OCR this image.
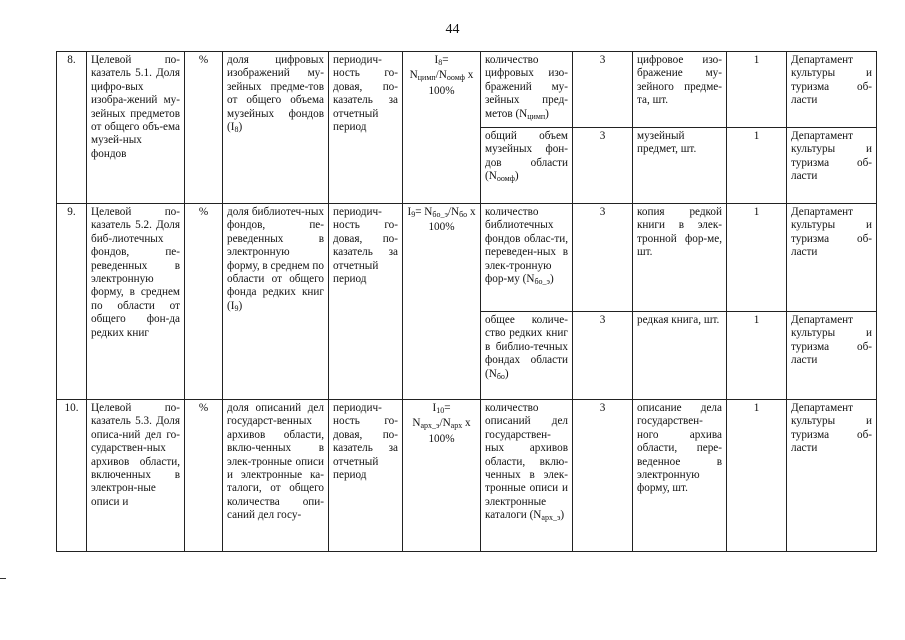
44
8.	Целевой по-казатель 5.1. Доля цифро-вых изобра-жений му-зейных предметов от общего объ-ема музей-ных фондов	%	доля цифровых изображений му-зейных предме-тов от общего объема музейных фондов $(I_8)$	периодич-ность го-довая, по-казатель за отчетный период	$I_8= N_{цимп}/N_{оомф}$ x 100%	количество цифровых изо-бражений му-зейных пред-метов $(N_{цимп})$	3	цифровое изо-бражение му-зейного предме-та, шт.	1	Департамент культуры и туризма об-ласти
						общий объем музейных фон-дов области $(N_{оомф})$	3	музейный предмет, шт.	1	Департамент культуры и туризма об-ласти
9.	Целевой по-казатель 5.2. Доля биб-лиотечных фондов, пе-реведенных в электронную форму, в среднем по области от общего фон-да редких книг	%	доля библиотеч-ных фондов, пе-реведенных в электронную форму, в среднем по области от общего фонда редких книг $(I_9)$	периодич-ность го-довая, по-казатель за отчетный период	$I_9= N_{бо\_э}/N_{бо}$ x 100%	количество библиотечных фондов облас-ти, переведен-ных в элек-тронную фор-му $(N_{бо\_э})$	3	копия редкой книги в элек-тронной фор-ме, шт.	1	Департамент культуры и туризма об-ласти
						общее количе-ство редких книг в библио-течных фондах области $(N_{бо})$	3	редкая книга, шт.	1	Департамент культуры и туризма об-ласти
10.	Целевой по-казатель 5.3. Доля описа-ний дел го-сударствен-ных архивов области, включенных в электрон-ные описи и	%	доля описаний дел государст-венных архивов области, вклю-ченных в элек-тронные описи и электронные ка-талоги, от общего количества опи-саний дел госу-	периодич-ность го-довая, по-казатель за отчетный период	$I_{10}= N_{арх\_э}/N_{арх}$ x 100%	количество описаний дел государствен-ных архивов области, вклю-ченных в элек-тронные описи и электронные каталоги $(N_{арх\_э})$	3	описание дела государствен-ного архива области, пере-веденное в электронную форму, шт.	1	Департамент культуры и туризма об-ласти
